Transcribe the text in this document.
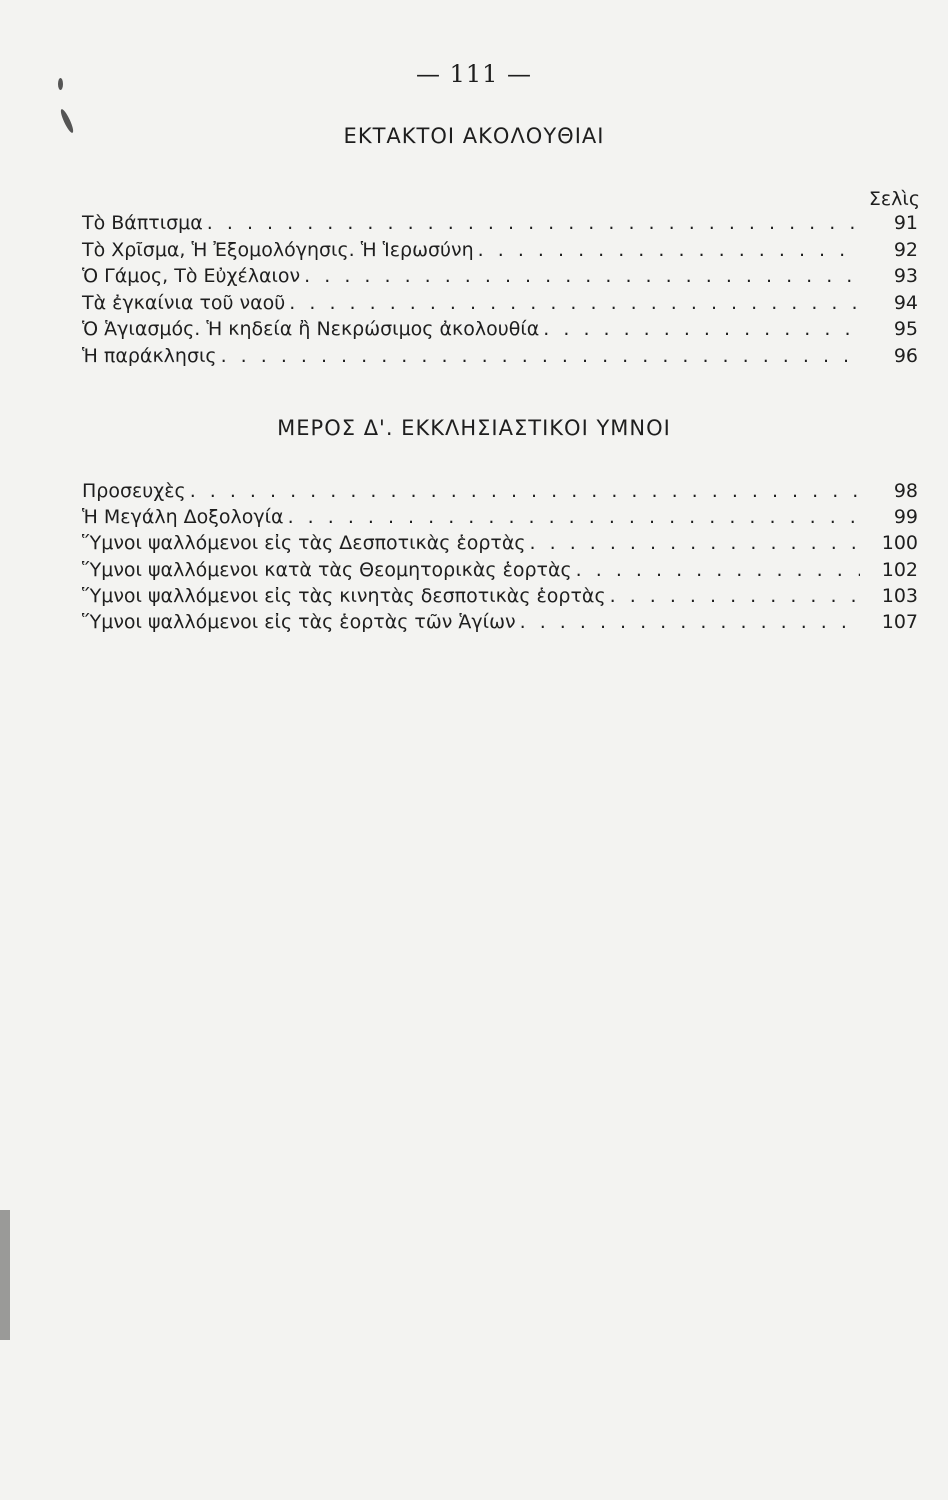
— 111 —
ΕΚΤΑΚΤΟΙ ΑΚΟΛΟΥΘΙΑΙ
Σελὶς
Τὸ Βάπτισμα . . .	91
Τὸ Χρῖσμα, Ἡ Ἐξομολόγησις. Ἡ Ἱερωσύνη . . .	92
Ὁ Γάμος, Τὸ Εὐχέλαιον . . .	93
Τὰ ἐγκαίνια τοῦ ναοῦ . . .	94
Ὁ Ἁγιασμός. Ἡ κηδεία ἢ Νεκρώσιμος ἀκολουθία . . .	95
Ἡ παράκλησις . . .	96
ΜΕΡΟΣ Δ'. ΕΚΚΛΗΣΙΑΣΤΙΚΟΙ ΥΜΝΟΙ
Προσευχὲς . . .	98
Ἡ Μεγάλη Δοξολογία . . .	99
Ὕμνοι ψαλλόμενοι εἰς τὰς Δεσποτικὰς ἑορτὰς . . .	100
Ὕμνοι ψαλλόμενοι κατὰ τὰς Θεομητορικὰς ἑορτὰς . . .	102
Ὕμνοι ψαλλόμενοι εἰς τὰς κινητὰς δεσποτικὰς ἑορτὰς . . .	103
Ὕμνοι ψαλλόμενοι εἰς τὰς ἑορτὰς τῶν Ἁγίων . . .	107
